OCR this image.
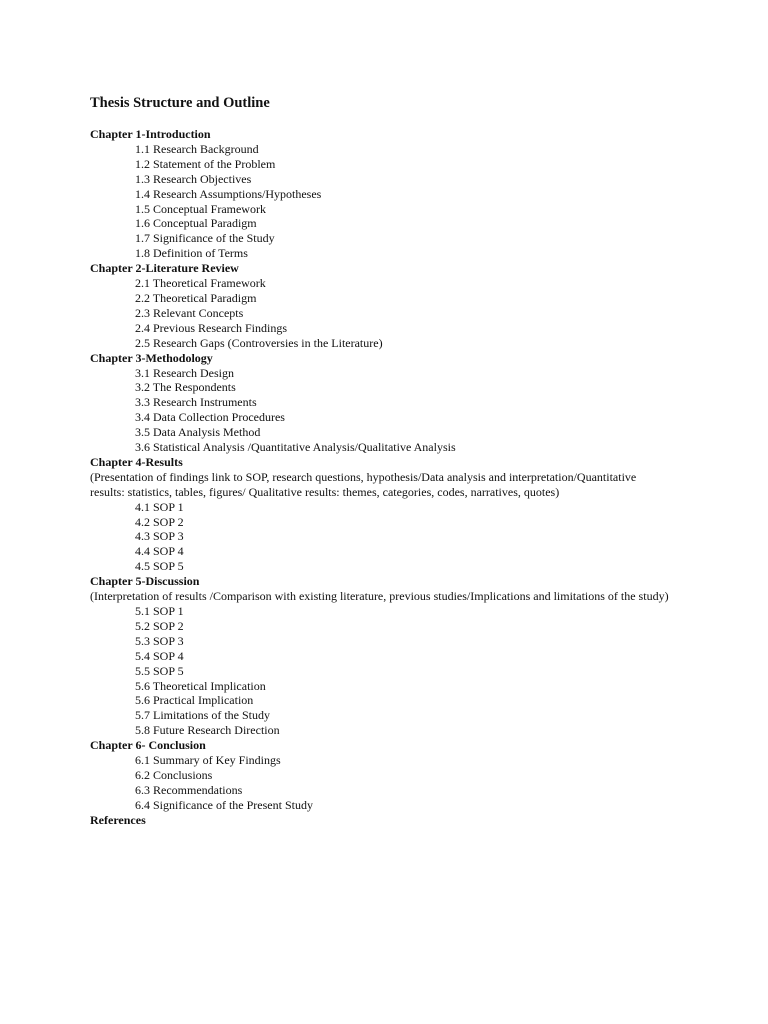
Thesis Structure and Outline
Chapter 1-Introduction
1.1 Research Background
1.2 Statement of the Problem
1.3 Research Objectives
1.4 Research Assumptions/Hypotheses
1.5 Conceptual Framework
1.6 Conceptual Paradigm
1.7 Significance of the Study
1.8 Definition of Terms
Chapter 2-Literature Review
2.1 Theoretical Framework
2.2 Theoretical Paradigm
2.3 Relevant Concepts
2.4 Previous Research Findings
2.5 Research Gaps (Controversies in the Literature)
Chapter 3-Methodology
3.1 Research Design
3.2 The Respondents
3.3 Research Instruments
3.4 Data Collection Procedures
3.5 Data Analysis Method
3.6 Statistical Analysis /Quantitative Analysis/Qualitative Analysis
Chapter 4-Results
(Presentation of findings link to SOP, research questions, hypothesis/Data analysis and interpretation/Quantitative results: statistics, tables, figures/ Qualitative results: themes, categories, codes, narratives, quotes)
4.1 SOP 1
4.2 SOP 2
4.3 SOP 3
4.4 SOP 4
4.5 SOP 5
Chapter 5-Discussion
(Interpretation of results /Comparison with existing literature, previous studies/Implications and limitations of the study)
5.1 SOP 1
5.2 SOP 2
5.3 SOP 3
5.4 SOP 4
5.5 SOP 5
5.6 Theoretical Implication
5.6 Practical Implication
5.7 Limitations of the Study
5.8 Future Research Direction
Chapter 6- Conclusion
6.1 Summary of Key Findings
6.2 Conclusions
6.3 Recommendations
6.4 Significance of the Present Study
References
